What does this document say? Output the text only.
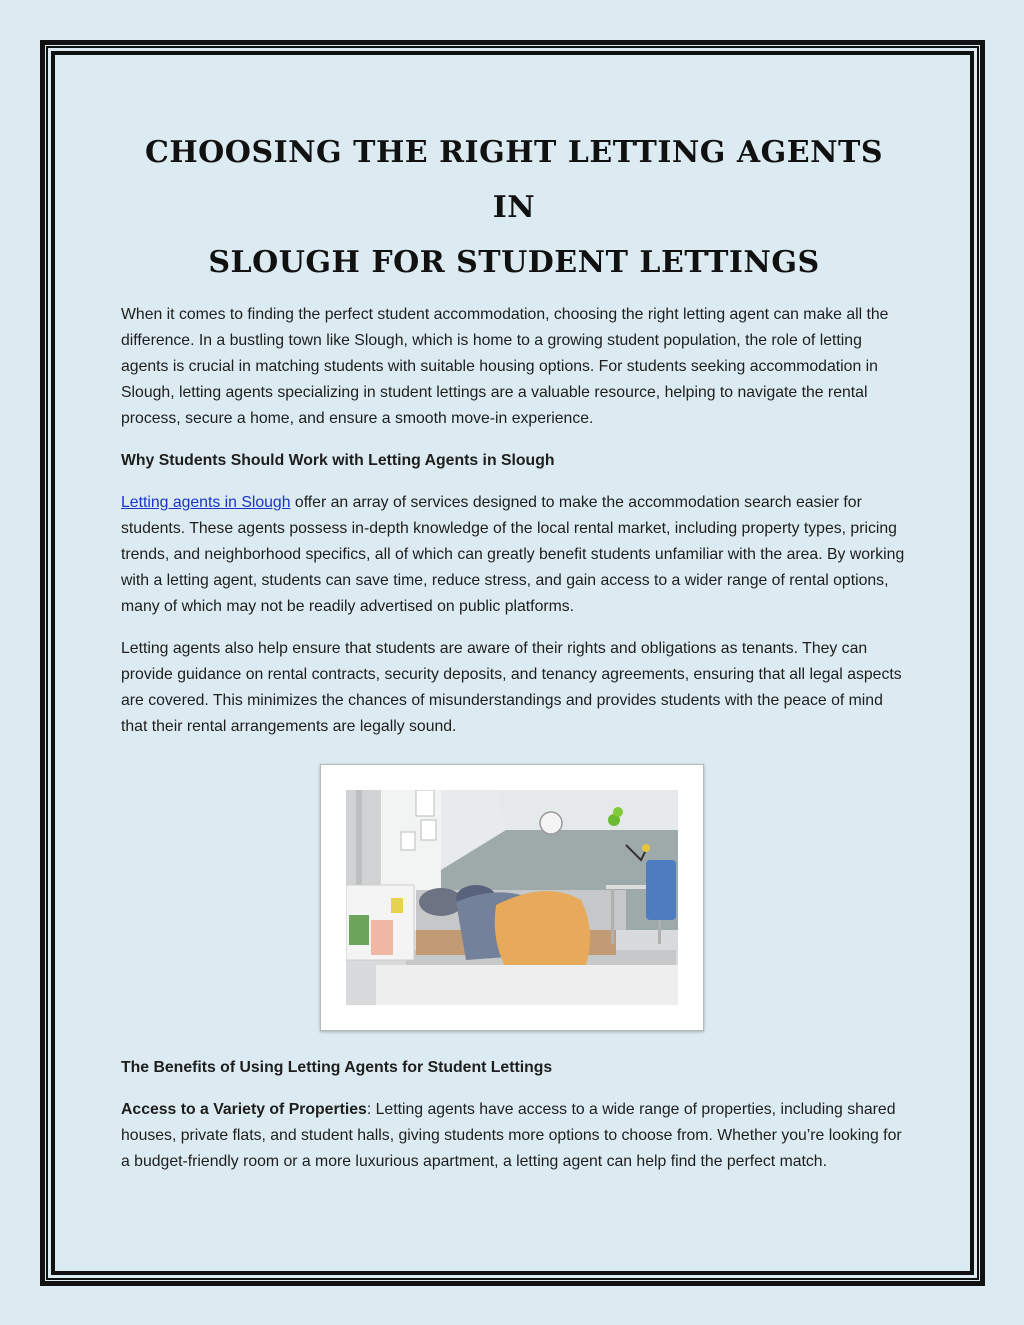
CHOOSING THE RIGHT LETTING AGENTS IN
SLOUGH FOR STUDENT LETTINGS

When it comes to finding the perfect student accommodation, choosing the right letting agent can make all the difference. In a bustling town like Slough, which is home to a growing student population, the role of letting agents is crucial in matching students with suitable housing options. For students seeking accommodation in Slough, letting agents specializing in student lettings are a valuable resource, helping to navigate the rental process, secure a home, and ensure a smooth move-in experience.

Why Students Should Work with Letting Agents in Slough

Letting agents in Slough offer an array of services designed to make the accommodation search easier for students. These agents possess in-depth knowledge of the local rental market, including property types, pricing trends, and neighborhood specifics, all of which can greatly benefit students unfamiliar with the area. By working with a letting agent, students can save time, reduce stress, and gain access to a wider range of rental options, many of which may not be readily advertised on public platforms.

Letting agents also help ensure that students are aware of their rights and obligations as tenants. They can provide guidance on rental contracts, security deposits, and tenancy agreements, ensuring that all legal aspects are covered. This minimizes the chances of misunderstandings and provides students with the peace of mind that their rental arrangements are legally sound.

The Benefits of Using Letting Agents for Student Lettings

Access to a Variety of Properties: Letting agents have access to a wide range of properties, including shared houses, private flats, and student halls, giving students more options to choose from. Whether you’re looking for a budget-friendly room or a more luxurious apartment, a letting agent can help find the perfect match.
